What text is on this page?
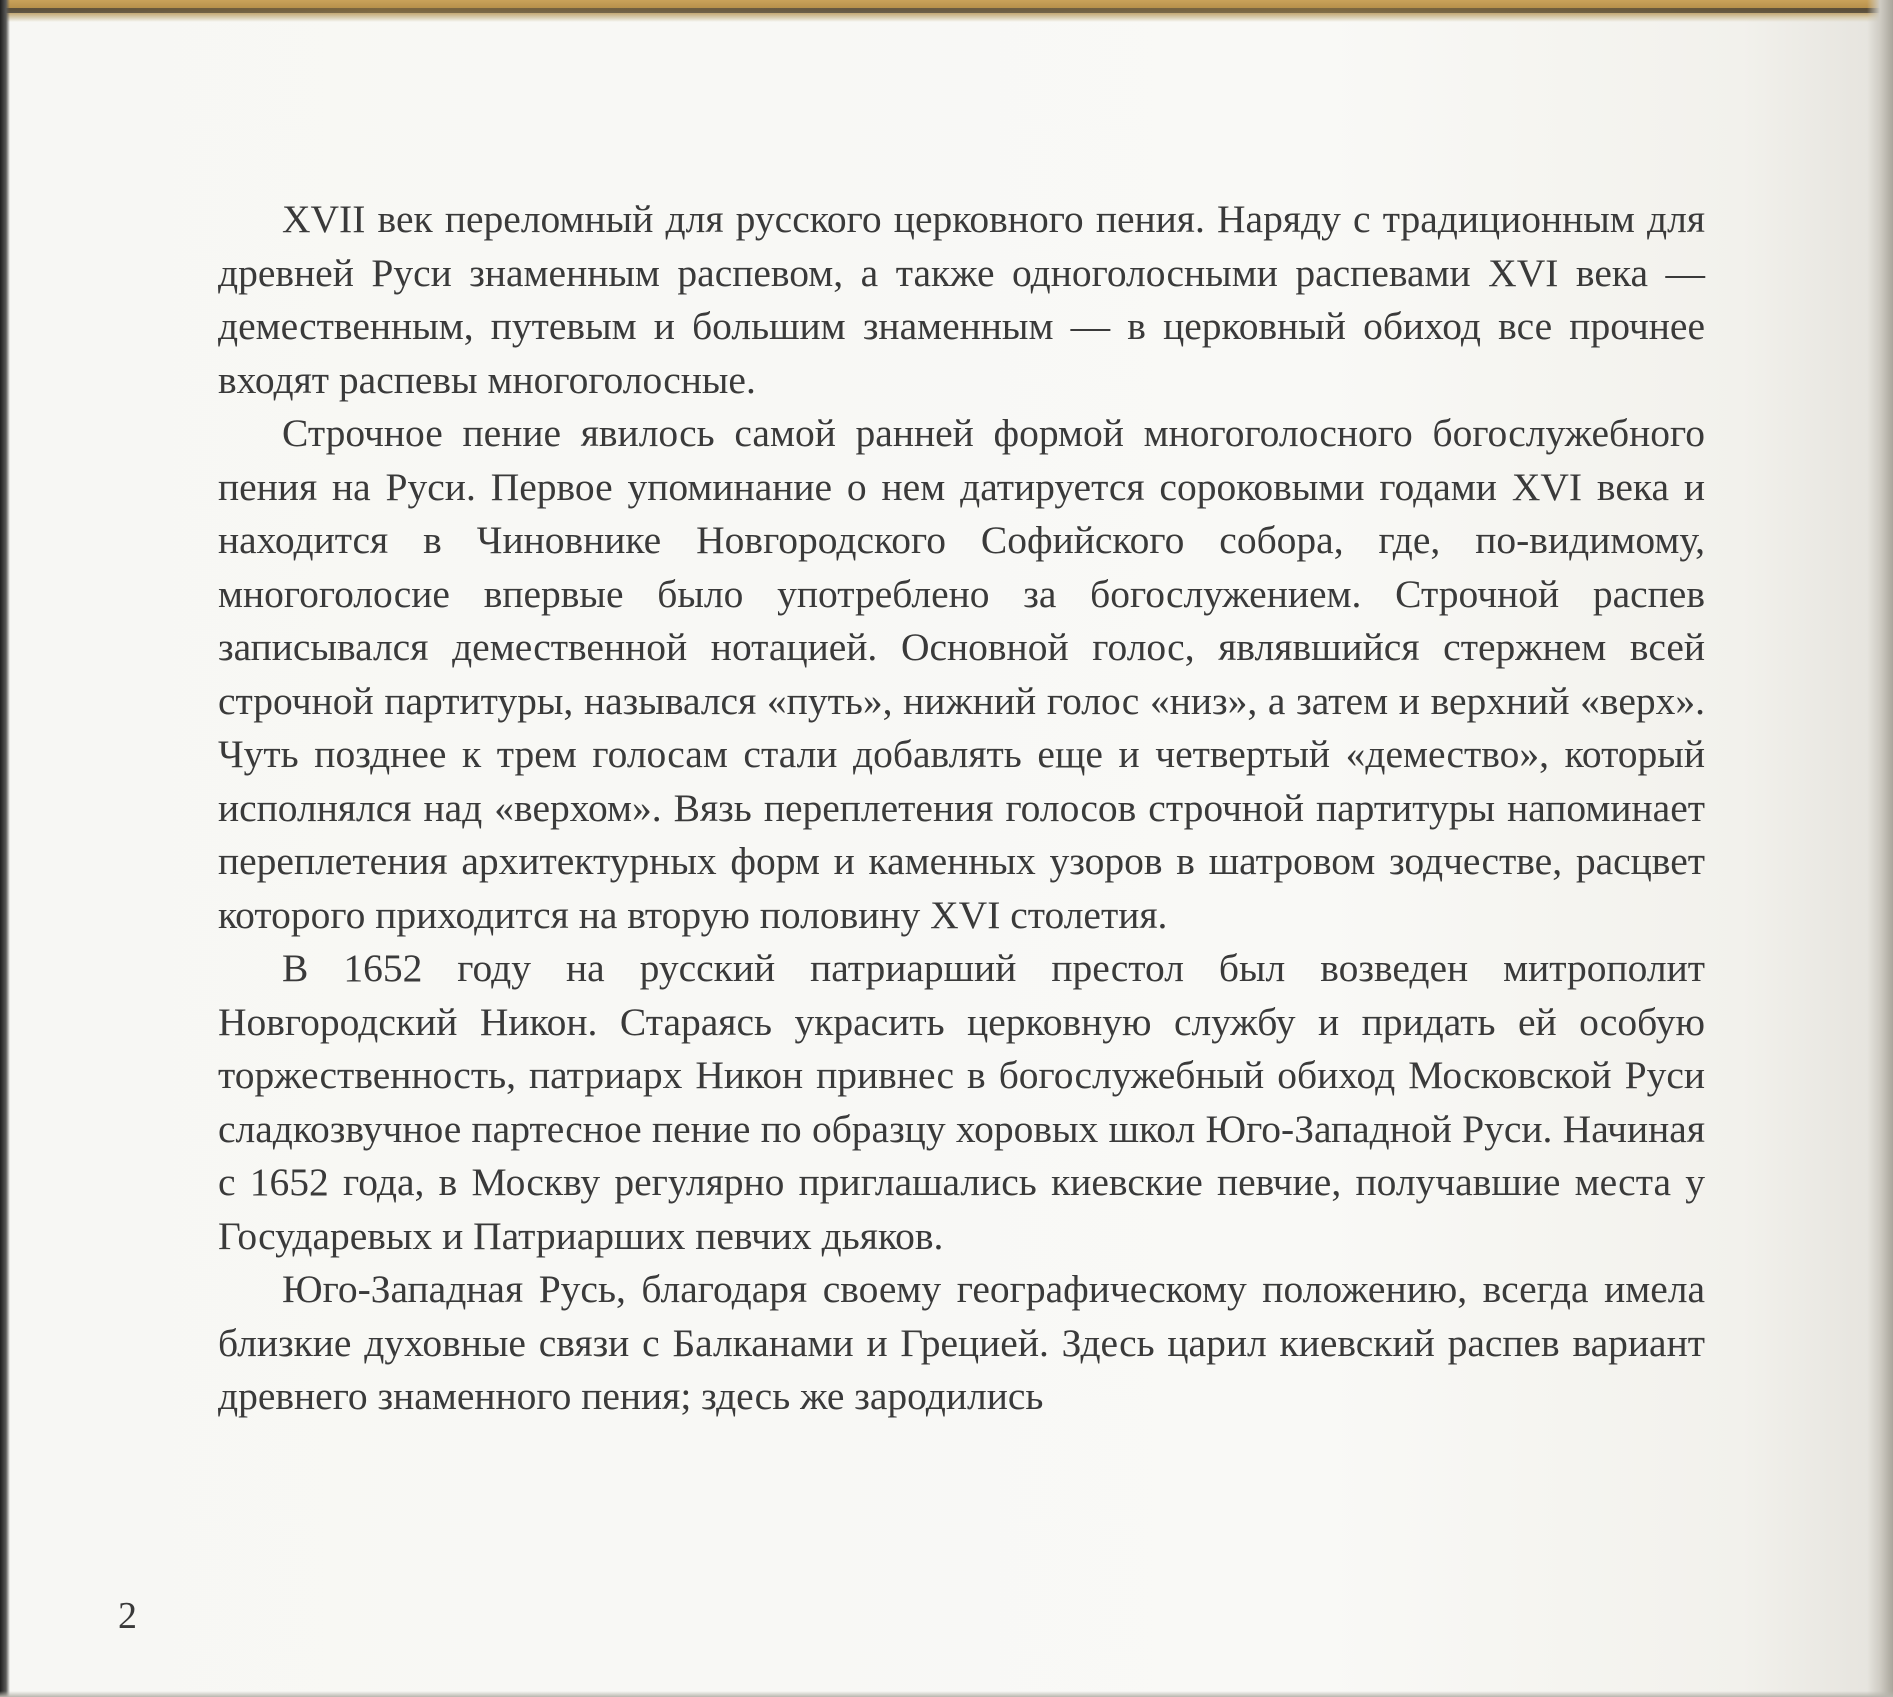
XVII век переломный для русского церковного пения. Наряду с традиционным для древней Руси знаменным распевом, а также одноголосными распевами XVI века — демественным, путевым и большим знаменным — в церковный обиход все прочнее входят распевы многоголосные.

Строчное пение явилось самой ранней формой многоголосного богослужебного пения на Руси. Первое упоминание о нем датируется сороковыми годами XVI века и находится в Чиновнике Новгородского Софийского собора, где, по-видимому, многоголосие впервые было употреблено за богослужением. Строчной распев записывался демественной нотацией. Основной голос, являвшийся стержнем всей строчной партитуры, назывался «путь», нижний голос «низ», а затем и верхний «верх». Чуть позднее к трем голосам стали добавлять еще и четвертый «демество», который исполнялся над «верхом». Вязь переплетения голосов строчной партитуры напоминает переплетения архитектурных форм и каменных узоров в шатровом зодчестве, расцвет которого приходится на вторую половину XVI столетия.

В 1652 году на русский патриарший престол был возведен митрополит Новгородский Никон. Стараясь украсить церковную службу и придать ей особую торжественность, патриарх Никон привнес в богослужебный обиход Московской Руси сладкозвучное партесное пение по образцу хоровых школ Юго-Западной Руси. Начиная с 1652 года, в Москву регулярно приглашались киевские певчие, получавшие места у Государевых и Патриарших певчих дьяков.

Юго-Западная Русь, благодаря своему географическому положению, всегда имела близкие духовные связи с Балканами и Грецией. Здесь царил киевский распев вариант древнего знаменного пения; здесь же зародились

2
